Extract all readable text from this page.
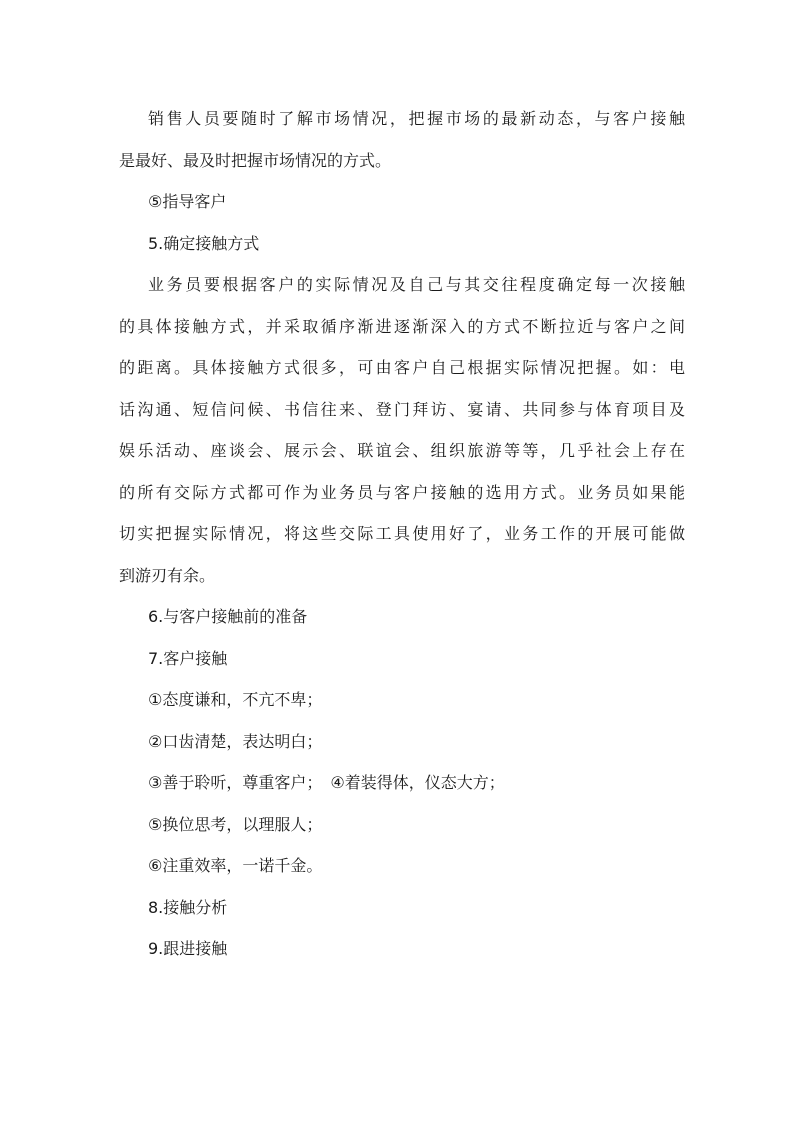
销售人员要随时了解市场情况，把握市场的最新动态，与客户接触
是最好、最及时把握市场情况的方式。
⑤指导客户
5.确定接触方式
业务员要根据客户的实际情况及自己与其交往程度确定每一次接触
的具体接触方式，并采取循序渐进逐渐深入的方式不断拉近与客户之间
的距离。具体接触方式很多，可由客户自己根据实际情况把握。如：电
话沟通、短信问候、书信往来、登门拜访、宴请、共同参与体育项目及
娱乐活动、座谈会、展示会、联谊会、组织旅游等等，几乎社会上存在
的所有交际方式都可作为业务员与客户接触的选用方式。业务员如果能
切实把握实际情况，将这些交际工具使用好了，业务工作的开展可能做
到游刃有余。
6.与客户接触前的准备
7.客户接触
①态度谦和，不亢不卑；
②口齿清楚，表达明白；
③善于聆听，尊重客户；　④着装得体，仪态大方；
⑤换位思考，以理服人；
⑥注重效率，一诺千金。
8.接触分析
9.跟进接触
